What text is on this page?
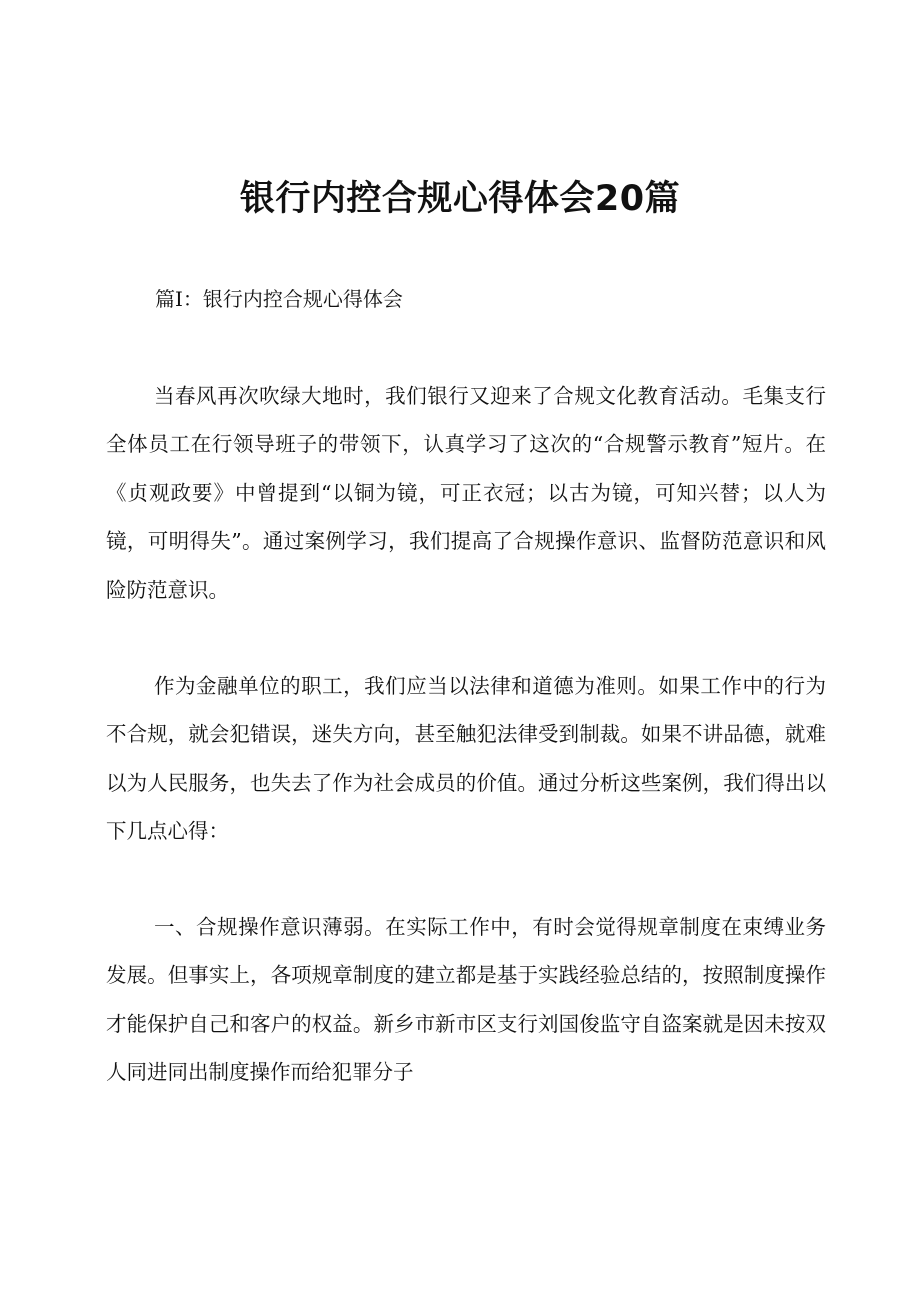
银行内控合规心得体会20篇

篇Ⅰ：银行内控合规心得体会

当春风再次吹绿大地时，我们银行又迎来了合规文化教育活动。毛集支行全体员工在行领导班子的带领下，认真学习了这次的“合规警示教育”短片。在《贞观政要》中曾提到“以铜为镜，可正衣冠；以古为镜，可知兴替；以人为镜，可明得失”。通过案例学习，我们提高了合规操作意识、监督防范意识和风险防范意识。

作为金融单位的职工，我们应当以法律和道德为准则。如果工作中的行为不合规，就会犯错误，迷失方向，甚至触犯法律受到制裁。如果不讲品德，就难以为人民服务，也失去了作为社会成员的价值。通过分析这些案例，我们得出以下几点心得：

一、合规操作意识薄弱。在实际工作中，有时会觉得规章制度在束缚业务发展。但事实上，各项规章制度的建立都是基于实践经验总结的，按照制度操作才能保护自己和客户的权益。新乡市新市区支行刘国俊监守自盗案就是因未按双人同进同出制度操作而给犯罪分子
